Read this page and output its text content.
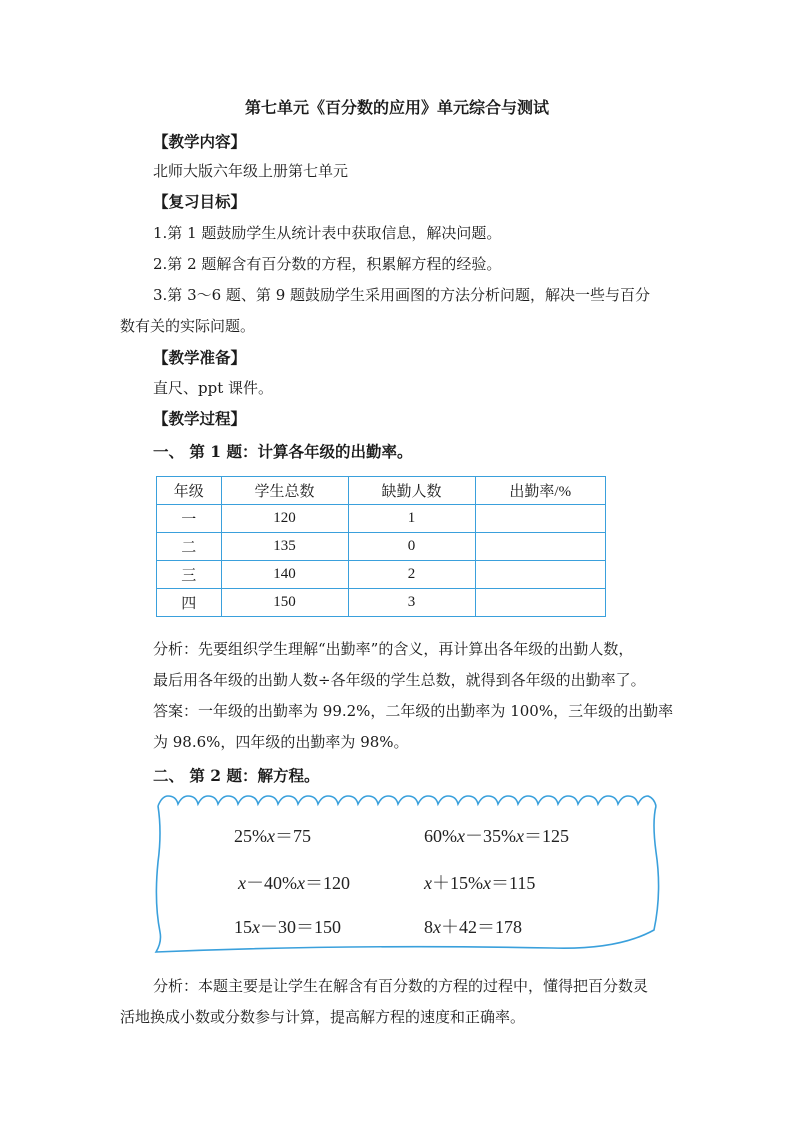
第七单元《百分数的应用》单元综合与测试
【教学内容】
北师大版六年级上册第七单元
【复习目标】
1.第 1 题鼓励学生从统计表中获取信息，解决问题。
2.第 2 题解含有百分数的方程，积累解方程的经验。
3.第 3～6 题、第 9 题鼓励学生采用画图的方法分析问题，解决一些与百分
数有关的实际问题。
【教学准备】
直尺、ppt 课件。
【教学过程】
一、 第 1 题：计算各年级的出勤率。
年级	学生总数	缺勤人数	出勤率/%
一	120	1	
二	135	0	
三	140	2	
四	150	3	
分析：先要组织学生理解“出勤率”的含义，再计算出各年级的出勤人数，
最后用各年级的出勤人数÷各年级的学生总数，就得到各年级的出勤率了。
答案：一年级的出勤率为 99.2%，二年级的出勤率为 100%，三年级的出勤率
为 98.6%，四年级的出勤率为 98%。
二、 第 2 题：解方程。
25%x＝75	60%x－35%x＝125
x－40%x＝120	x＋15%x＝115
15x－30＝150	8x＋42＝178
分析：本题主要是让学生在解含有百分数的方程的过程中，懂得把百分数灵
活地换成小数或分数参与计算，提高解方程的速度和正确率。
